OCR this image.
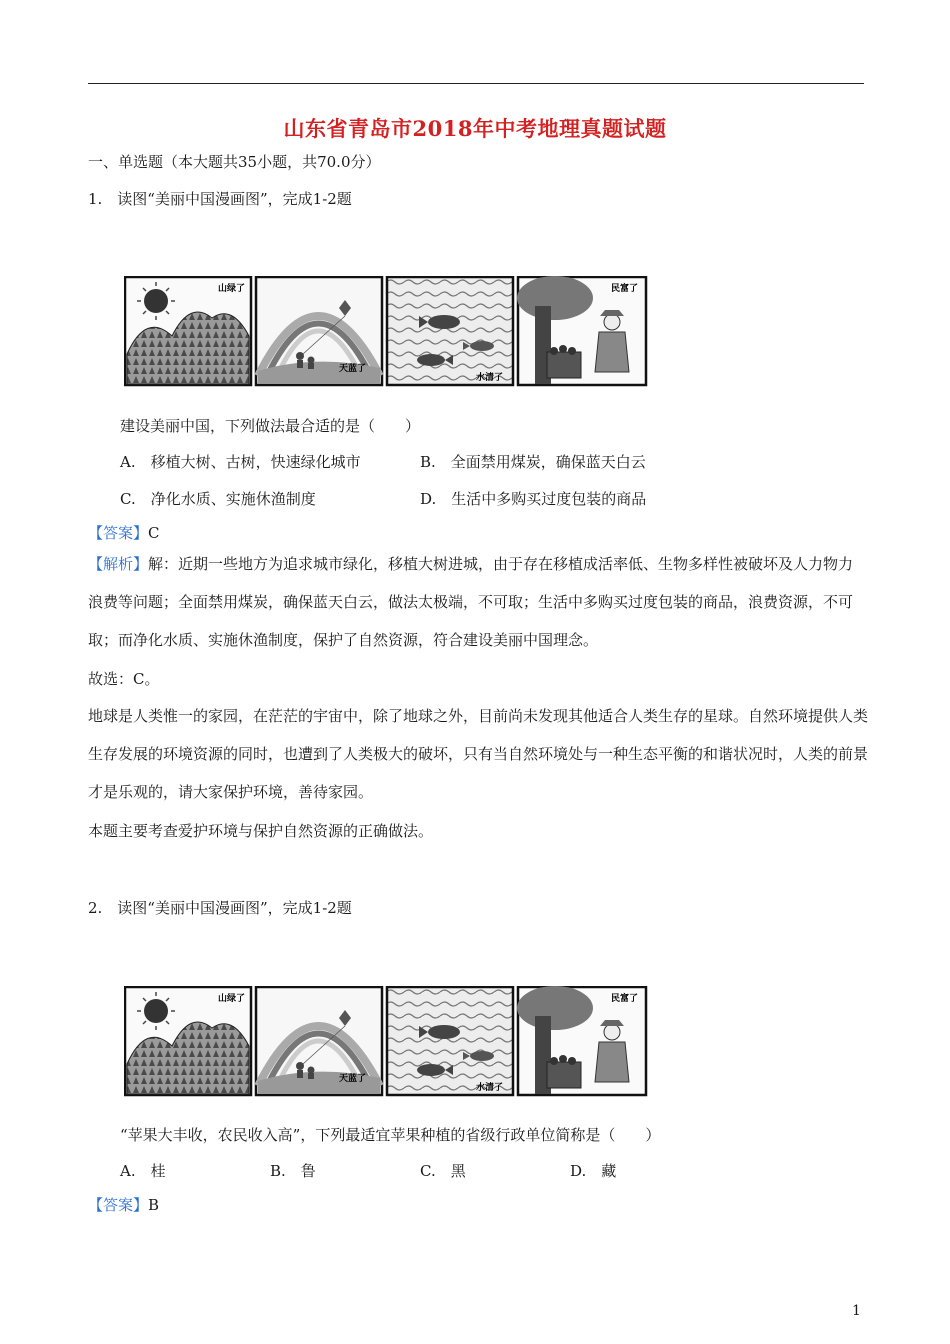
山东省青岛市2018年中考地理真题试题
一、单选题（本大题共35小题，共70.0分）
1.　读图“美丽中国漫画图”，完成1-2题
山绿了
天蓝了
水清了
民富了
建设美丽中国，下列做法最合适的是（　　）
A.　移植大树、古树，快速绿化城市	B.　全面禁用煤炭，确保蓝天白云
C.　净化水质、实施休渔制度	D.　生活中多购买过度包装的商品
【答案】C
【解析】解：近期一些地方为追求城市绿化，移植大树进城，由于存在移植成活率低、生物多样性被破坏及人力物力浪费等问题；全面禁用煤炭，确保蓝天白云，做法太极端，不可取；生活中多购买过度包装的商品，浪费资源，不可取；而净化水质、实施休渔制度，保护了自然资源，符合建设美丽中国理念。
故选：C。
地球是人类惟一的家园，在茫茫的宇宙中，除了地球之外，目前尚未发现其他适合人类生存的星球。自然环境提供人类生存发展的环境资源的同时，也遭到了人类极大的破坏，只有当自然环境处与一种生态平衡的和谐状况时，人类的前景才是乐观的，请大家保护环境，善待家园。
本题主要考查爱护环境与保护自然资源的正确做法。
2.　读图“美丽中国漫画图”，完成1-2题
山绿了
天蓝了
水清了
民富了
“苹果大丰收，农民收入高”，下列最适宜苹果种植的省级行政单位简称是（　　）
A.　桂	B.　鲁	C.　黑	D.　藏
【答案】B
1
